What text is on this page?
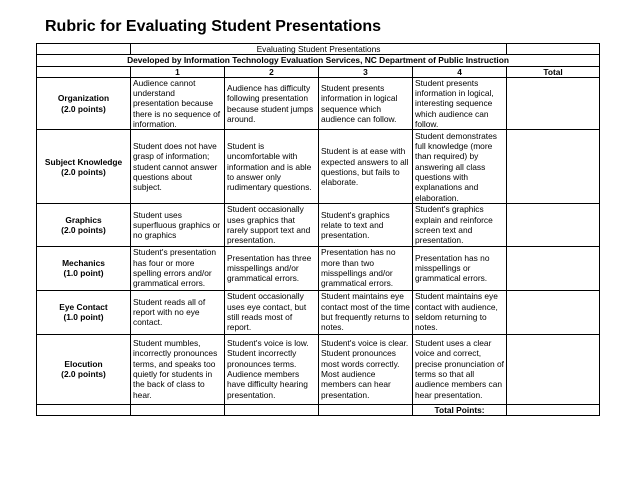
Rubric for Evaluating Student Presentations
	Evaluating Student Presentations				
Developed by Information Technology Evaluation Services, NC Department of Public Instruction					
	1	2	3	4	Total

Organization
(2.0 points)	Audience cannot understand presentation because there is no sequence of information.	Audience has difficulty following presentation because student jumps around.	Student presents information in logical sequence which audience can follow.	Student presents information in logical, interesting sequence which audience can follow.	

Subject Knowledge
(2.0 points)	Student does not have grasp of information; student cannot answer questions about subject.	Student is uncomfortable with information and is able to answer only rudimentary questions.	Student is at ease with expected answers to all questions, but fails to elaborate.	Student demonstrates full knowledge (more than required) by answering all class questions with explanations and elaboration.	

Graphics
(2.0 points)	Student uses superfluous graphics or no graphics	Student occasionally uses graphics that rarely support text and presentation.	Student's graphics relate to text and presentation.	Student's graphics explain and reinforce screen text and presentation.	

Mechanics
(1.0 point)	Student's presentation has four or more spelling errors and/or grammatical errors.	Presentation has three misspellings and/or grammatical errors.	Presentation has no more than two misspellings and/or grammatical errors.	Presentation has no misspellings or grammatical errors.	

Eye Contact
(1.0 point)	Student reads all of report with no eye contact.	Student occasionally uses eye contact, but still reads most of report.	Student maintains eye contact most of the time but frequently returns to notes.	Student maintains eye contact with audience, seldom returning to notes.	

Elocution
(2.0 points)	Student mumbles, incorrectly pronounces terms, and speaks too quietly for students in the back of class to hear.	Student's voice is low. Student incorrectly pronounces terms. Audience members have difficulty hearing presentation.	Student's voice is clear. Student pronounces most words correctly. Most audience members can hear presentation.	Student uses a clear voice and correct, precise pronunciation of terms so that all audience members can hear presentation.	
				Total Points:	
